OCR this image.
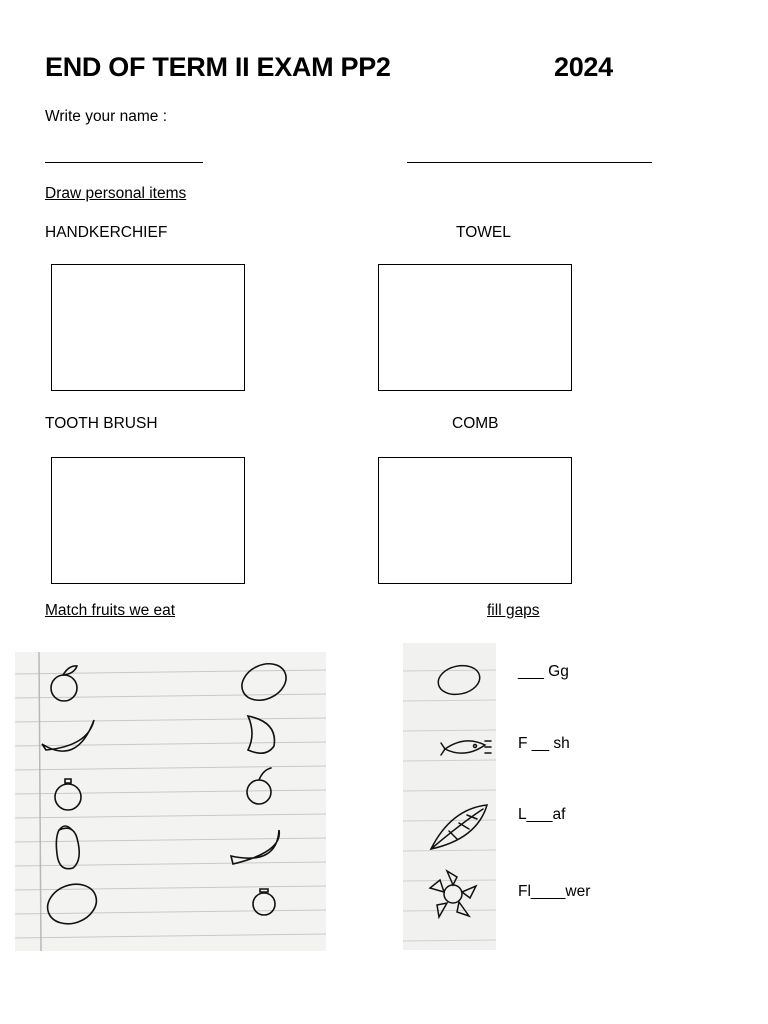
END OF TERM II EXAM PP2	2024
Write your name :
Draw personal items
HANDKERCHIEF	TOWEL
TOOTH BRUSH	COMB
Match fruits we eat	fill gaps
___ Gg
F __ sh
L___af
Fl____wer
